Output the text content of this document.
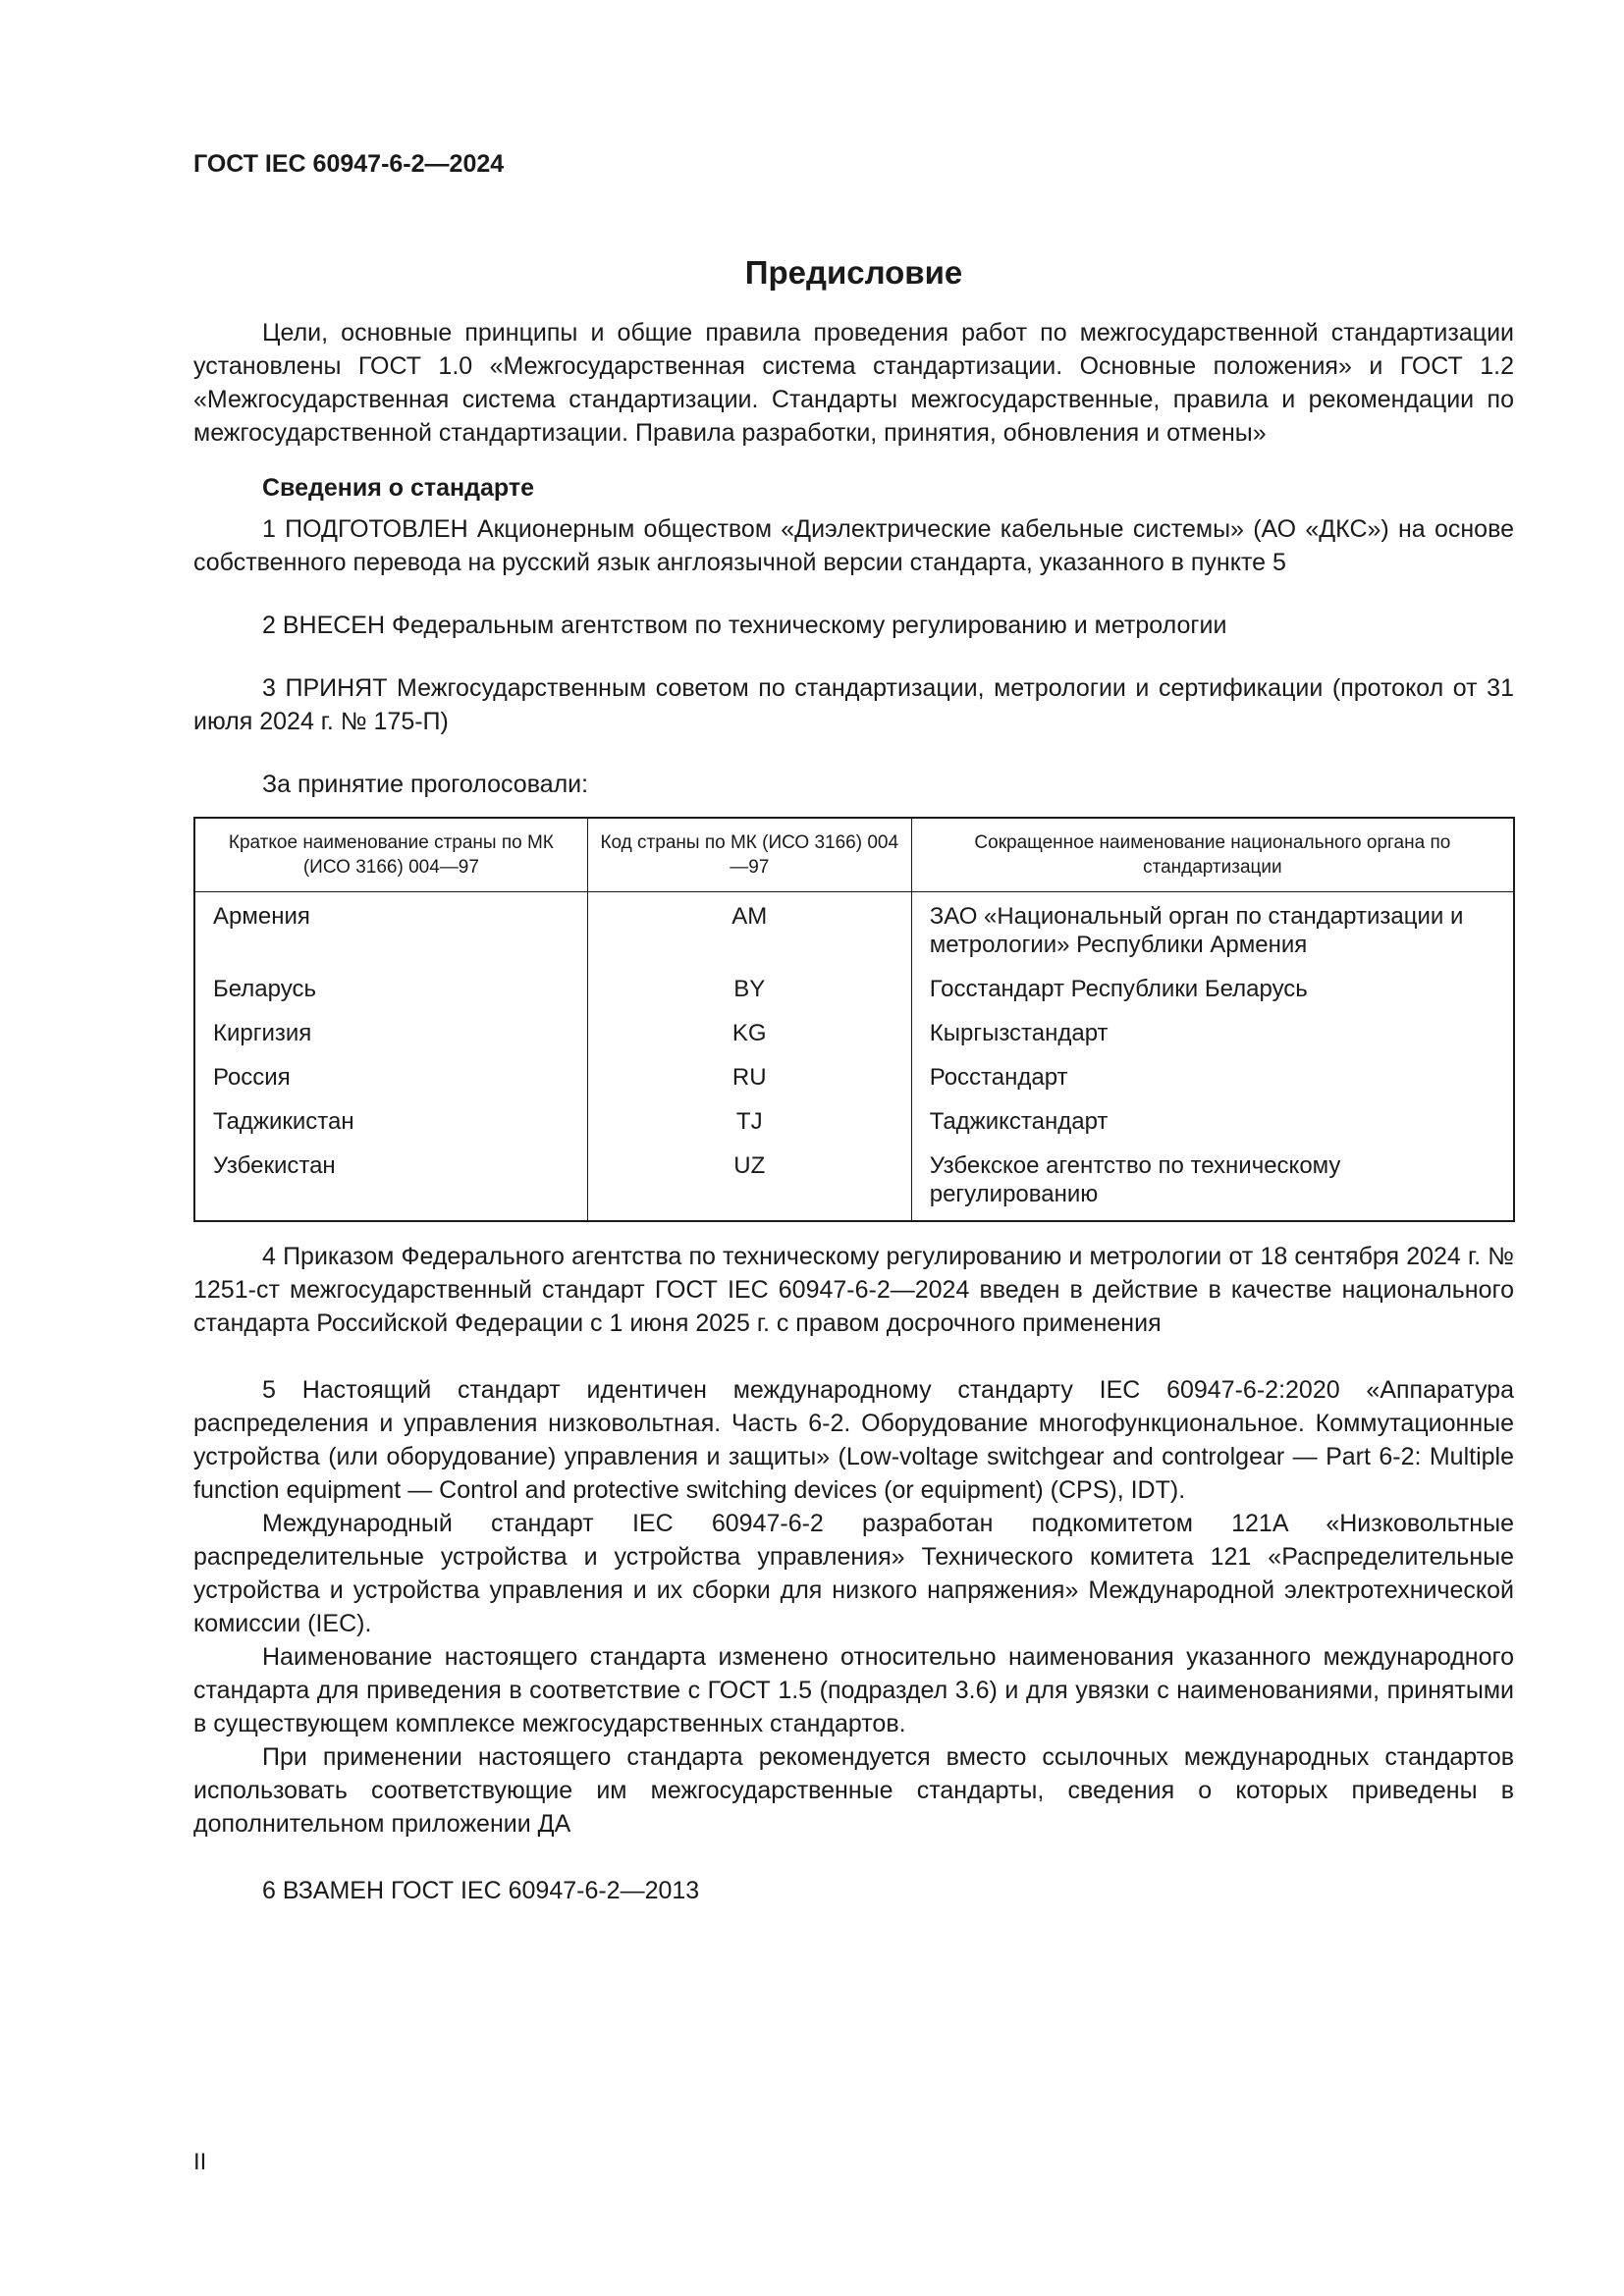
ГОСТ IEC 60947-6-2—2024
Предисловие

Цели, основные принципы и общие правила проведения работ по межгосударственной стандартизации установлены ГОСТ 1.0 «Межгосударственная система стандартизации. Основные положения» и ГОСТ 1.2 «Межгосударственная система стандартизации. Стандарты межгосударственные, правила и рекомендации по межгосударственной стандартизации. Правила разработки, принятия, обновления и отмены»

Сведения о стандарте

1 ПОДГОТОВЛЕН Акционерным обществом «Диэлектрические кабельные системы» (АО «ДКС») на основе собственного перевода на русский язык англоязычной версии стандарта, указанного в пункте 5

2 ВНЕСЕН Федеральным агентством по техническому регулированию и метрологии

3 ПРИНЯТ Межгосударственным советом по стандартизации, метрологии и сертификации (протокол от 31 июля 2024 г. № 175-П)

За принятие проголосовали:

Краткое наименование страны по МК (ИСО 3166) 004—97	Код страны по МК (ИСО 3166) 004—97	Сокращенное наименование национального органа по стандартизации
Армения	AM	ЗАО «Национальный орган по стандартизации и метрологии» Республики Армения
Беларусь	BY	Госстандарт Республики Беларусь
Киргизия	KG	Кыргызстандарт
Россия	RU	Росстандарт
Таджикистан	TJ	Таджикстандарт
Узбекистан	UZ	Узбекское агентство по техническому регулированию

4 Приказом Федерального агентства по техническому регулированию и метрологии от 18 сентября 2024 г. № 1251-ст межгосударственный стандарт ГОСТ IEC 60947-6-2—2024 введен в действие в качестве национального стандарта Российской Федерации с 1 июня 2025 г. с правом досрочного применения

5 Настоящий стандарт идентичен международному стандарту IEC 60947-6-2:2020 «Аппаратура распределения и управления низковольтная. Часть 6-2. Оборудование многофункциональное. Коммутационные устройства (или оборудование) управления и защиты» (Low-voltage switchgear and controlgear — Part 6-2: Multiple function equipment — Control and protective switching devices (or equipment) (CPS), IDT).

Международный стандарт IEC 60947-6-2 разработан подкомитетом 121A «Низковольтные распределительные устройства и устройства управления» Технического комитета 121 «Распределительные устройства и устройства управления и их сборки для низкого напряжения» Международной электротехнической комиссии (IEC).

Наименование настоящего стандарта изменено относительно наименования указанного международного стандарта для приведения в соответствие с ГОСТ 1.5 (подраздел 3.6) и для увязки с наименованиями, принятыми в существующем комплексе межгосударственных стандартов.

При применении настоящего стандарта рекомендуется вместо ссылочных международных стандартов использовать соответствующие им межгосударственные стандарты, сведения о которых приведены в дополнительном приложении ДА

6 ВЗАМЕН ГОСТ IEC 60947-6-2—2013

II
